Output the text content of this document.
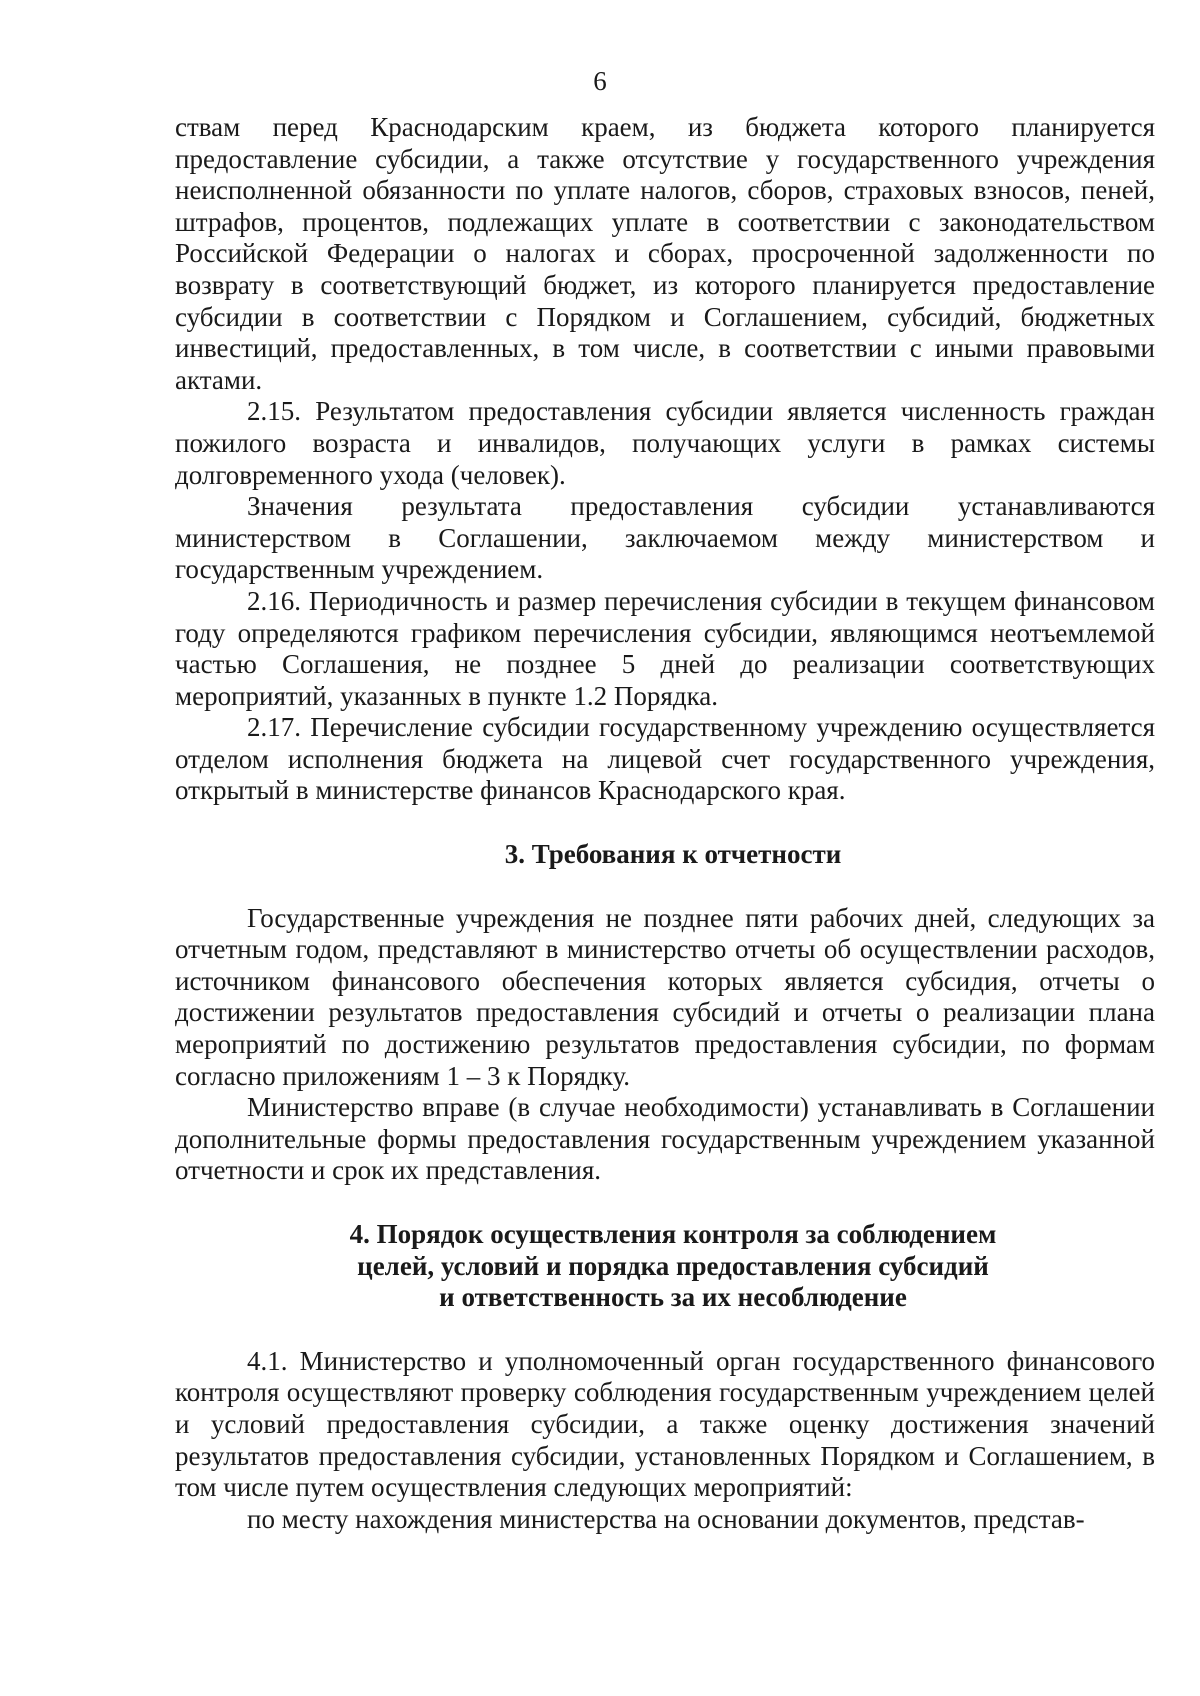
6

ствам перед Краснодарским краем, из бюджета которого планируется предоставление субсидии, а также отсутствие у государственного учреждения неисполненной обязанности по уплате налогов, сборов, страховых взносов, пеней, штрафов, процентов, подлежащих уплате в соответствии с законодательством Российской Федерации о налогах и сборах, просроченной задолженности по возврату в соответствующий бюджет, из которого планируется предоставление субсидии в соответствии с Порядком и Соглашением, субсидий, бюджетных инвестиций, предоставленных, в том числе, в соответствии с иными правовыми актами.

2.15. Результатом предоставления субсидии является численность граждан пожилого возраста и инвалидов, получающих услуги в рамках системы долговременного ухода (человек).

Значения результата предоставления субсидии устанавливаются министерством в Соглашении, заключаемом между министерством и государственным учреждением.

2.16. Периодичность и размер перечисления субсидии в текущем финансовом году определяются графиком перечисления субсидии, являющимся неотъемлемой частью Соглашения, не позднее 5 дней до реализации соответствующих мероприятий, указанных в пункте 1.2 Порядка.

2.17. Перечисление субсидии государственному учреждению осуществляется отделом исполнения бюджета на лицевой счет государственного учреждения, открытый в министерстве финансов Краснодарского края.

3. Требования к отчетности

Государственные учреждения не позднее пяти рабочих дней, следующих за отчетным годом, представляют в министерство отчеты об осуществлении расходов, источником финансового обеспечения которых является субсидия, отчеты о достижении результатов предоставления субсидий и отчеты о реализации плана мероприятий по достижению результатов предоставления субсидии, по формам согласно приложениям 1 – 3 к Порядку.

Министерство вправе (в случае необходимости) устанавливать в Соглашении дополнительные формы предоставления государственным учреждением указанной отчетности и срок их представления.

4. Порядок осуществления контроля за соблюдением
целей, условий и порядка предоставления субсидий
и ответственность за их несоблюдение

4.1. Министерство и уполномоченный орган государственного финансового контроля осуществляют проверку соблюдения государственным учреждением целей и условий предоставления субсидии, а также оценку достижения значений результатов предоставления субсидии, установленных Порядком и Соглашением, в том числе путем осуществления следующих мероприятий:

по месту нахождения министерства на основании документов, представ-
